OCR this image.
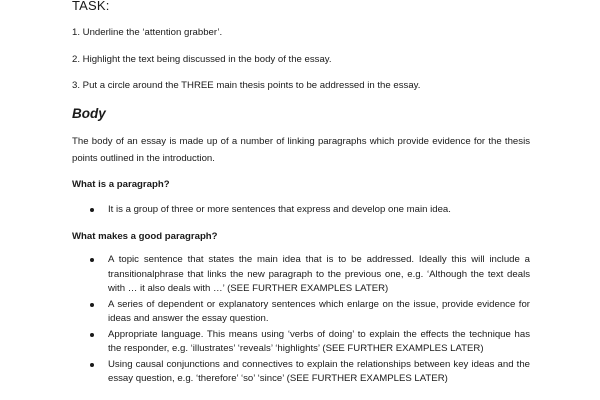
TASK:
1. Underline the ‘attention grabber’.
2. Highlight the text being discussed in the body of the essay.
3. Put a circle around the THREE main thesis points to be addressed in the essay.
Body
The body of an essay is made up of a number of linking paragraphs which provide evidence for the thesis points outlined in the introduction.
What is a paragraph?
It is a group of three or more sentences that express and develop one main idea.
What makes a good paragraph?
A topic sentence that states the main idea that is to be addressed. Ideally this will include a transitionalphrase that links the new paragraph to the previous one, e.g. ‘Although the text deals with … it also deals with …’ (SEE FURTHER EXAMPLES LATER)
A series of dependent or explanatory sentences which enlarge on the issue, provide evidence for ideas and answer the essay question.
Appropriate language. This means using ‘verbs of doing’ to explain the effects the technique has the responder, e.g. ‘illustrates’ ‘reveals’ ‘highlights’ (SEE FURTHER EXAMPLES LATER)
Using causal conjunctions and connectives to explain the relationships between key ideas and the essay question, e.g. ‘therefore’ ‘so’ ‘since’ (SEE FURTHER EXAMPLES LATER)
